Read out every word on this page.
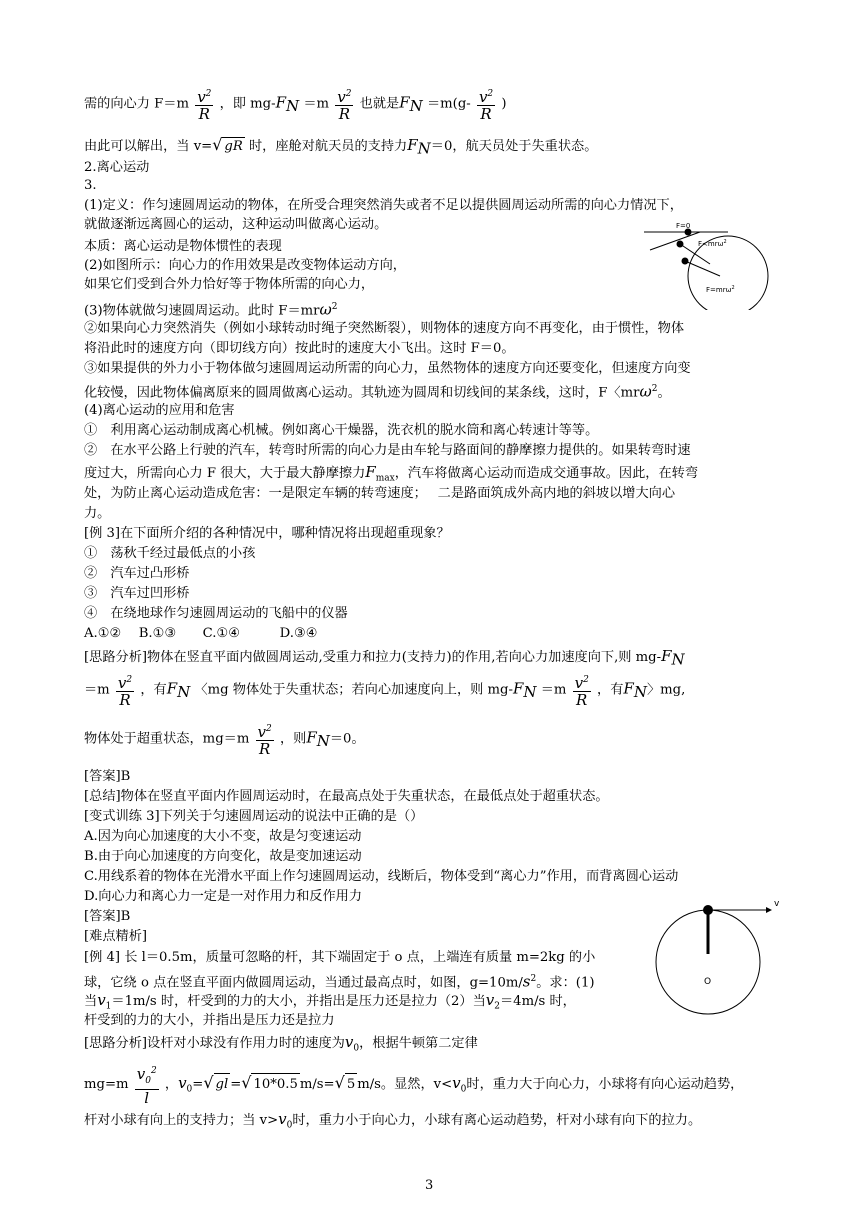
需的向心力 $F=m \frac{v^2}{R}$ ，即 $mg-F_N =m \frac{v^2}{R}$ 也就是$F_N =m(g- \frac{v^2}{R}$ )
由此可以解出，当 v=√ gR 时，座舱对航天员的支持力$F_N=0$，航天员处于失重状态。
2.离心运动
3.
(1)定义：作匀速圆周运动的物体，在所受合理突然消失或者不足以提供圆周运动所需的向心力情况下，
就做逐渐远离圆心的运动，这种运动叫做离心运动。
本质：离心运动是物体惯性的表现
(2)如图所示：向心力的作用效果是改变物体运动方向，
如果它们受到合外力恰好等于物体所需的向心力，
(3)物体就做匀速圆周运动。此时 F＝mrω$^2$
②如果向心力突然消失（例如小球转动时绳子突然断裂），则物体的速度方向不再变化，由于惯性，物体
将沿此时的速度方向（即切线方向）按此时的速度大小飞出。这时 F＝0。
③如果提供的外力小于物体做匀速圆周运动所需的向心力，虽然物体的速度方向还要变化，但速度方向变
化较慢，因此物体偏离原来的圆周做离心运动。其轨迹为圆周和切线间的某条线，这时，F〈mrω$^2$。
(4)离心运动的应用和危害
①　利用离心运动制成离心机械。例如离心干燥器，洗衣机的脱水筒和离心转速计等等。
②　在水平公路上行驶的汽车，转弯时所需的向心力是由车轮与路面间的静摩擦力提供的。如果转弯时速
度过大，所需向心力 F 很大，大于最大静摩擦力$F_{max}$，汽车将做离心运动而造成交通事故。因此，在转弯
处，为防止离心运动造成危害：一是限定车辆的转弯速度；　 二是路面筑成外高内地的斜坡以增大向心
力。
[例 3]在下面所介绍的各种情况中，哪种情况将出现超重现象？
①　荡秋千经过最低点的小孩
②　汽车过凸形桥
③　汽车过凹形桥
④　在绕地球作匀速圆周运动的飞船中的仪器
A.①②　 B.①③　　C.①④　　　D.③④
[思路分析]物体在竖直平面内做圆周运动,受重力和拉力(支持力)的作用,若向心力加速度向下,则 $mg-F_N$
$=m \frac{v^2}{R}$ ，有$F_N$ 〈mg 物体处于失重状态；若向心加速度向上，则 $mg-F_N =m \frac{v^2}{R}$ ，有$F_N$〉mg,
物体处于超重状态，$mg=m \frac{v^2}{R}$ ，则$F_N=0$。
[答案]B
[总结]物体在竖直平面内作圆周运动时，在最高点处于失重状态，在最低点处于超重状态。
[变式训练 3]下列关于匀速圆周运动的说法中正确的是（）
A.因为向心加速度的大小不变，故是匀变速运动
B.由于向心加速度的方向变化，故是变加速运动
C.用线系着的物体在光滑水平面上作匀速圆周运动，线断后，物体受到“离心力”作用，而背离圆心运动
D.向心力和离心力一定是一对作用力和反作用力
[答案]B
[难点精析]
[例 4] 长 l＝0.5m，质量可忽略的杆，其下端固定于 o 点，上端连有质量 m=2kg 的小
球，它绕 o 点在竖直平面内做圆周运动，当通过最高点时，如图，$g=10m/s^2$。求：(1)
当$v_1=1m/s$ 时，杆受到的力的大小，并指出是压力还是拉力（2）当$v_2=4m/s$ 时，
杆受到的力的大小，并指出是压力还是拉力
[思路分析]设杆对小球没有作用力时的速度为$v_0$，根据牛顿第二定律
$mg=m \frac{v_0^2}{l}$ ，$v_0=√$ gl =√ 10*0.5 m/s=√ 5 m/s。显然，$v<v_0$时，重力大于向心力，小球将有向心运动趋势，
杆对小球有向上的支持力；当 $v>v_0$时，重力小于向心力，小球有离心运动趋势，杆对小球有向下的拉力。
F=0
F<mrω$^2$
F=mrω$^2$
v
O
3
